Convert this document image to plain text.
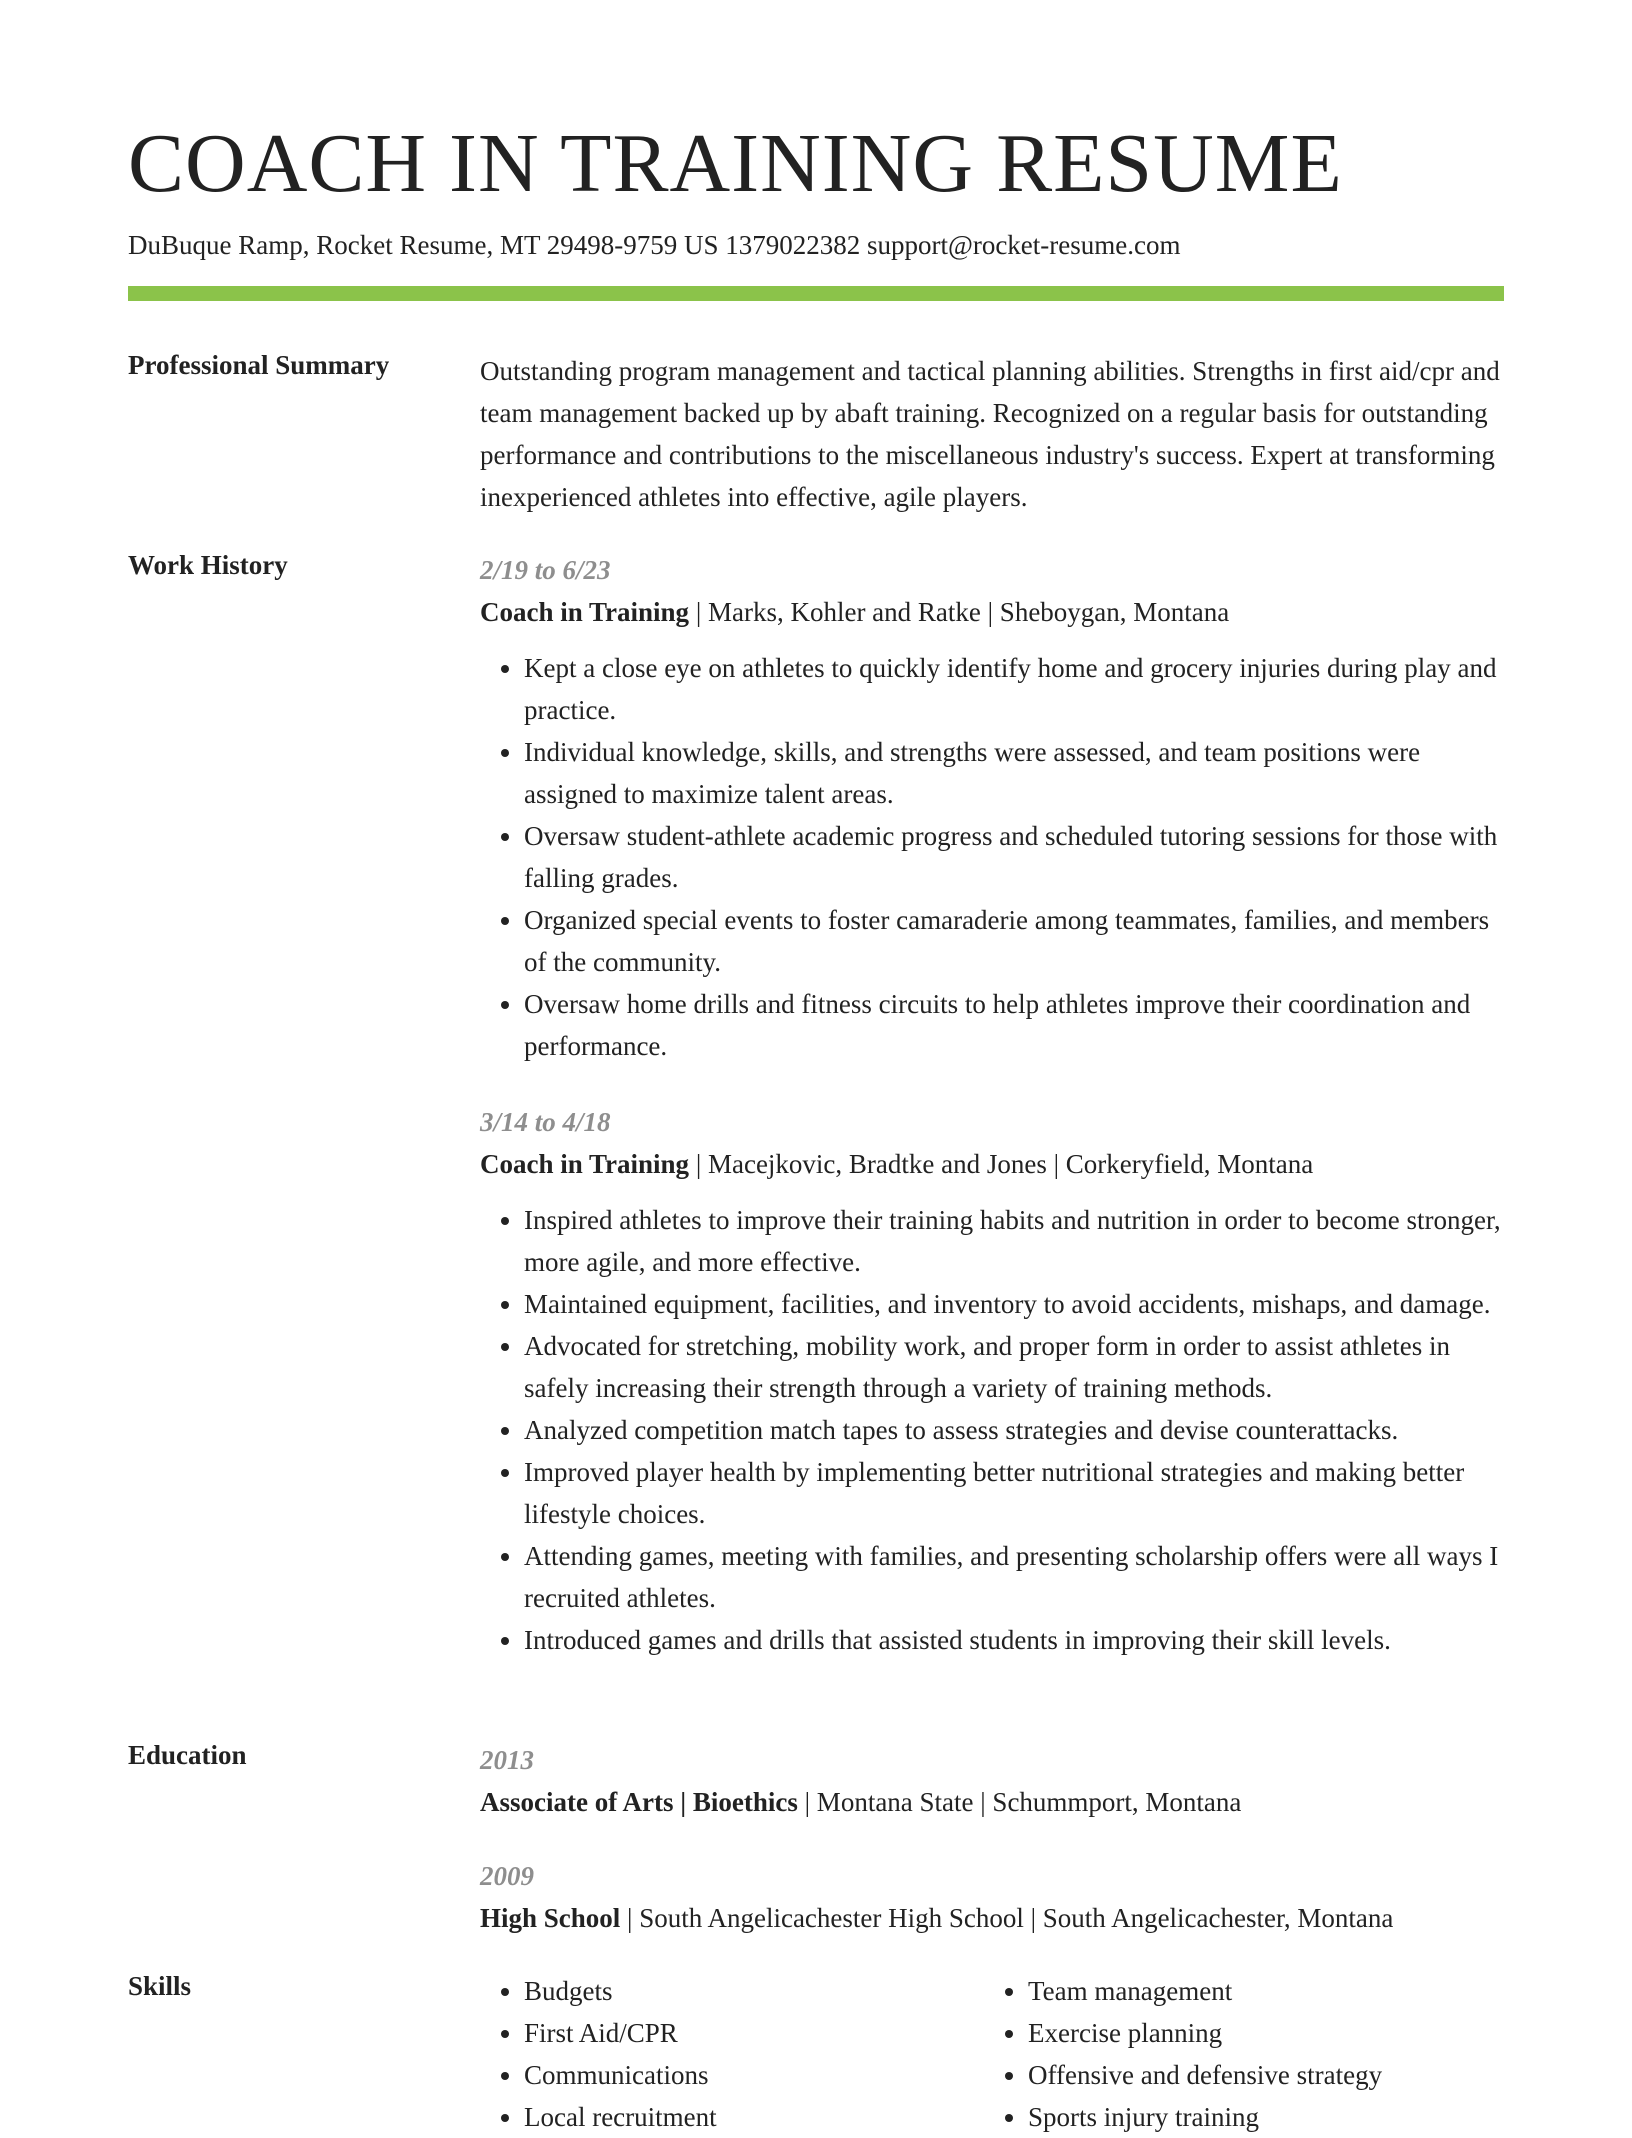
COACH IN TRAINING RESUME
DuBuque Ramp, Rocket Resume, MT 29498-9759 US 1379022382 support@rocket-resume.com
Professional Summary	Outstanding program management and tactical planning abilities. Strengths in first aid/cpr and team management backed up by abaft training. Recognized on a regular basis for outstanding performance and contributions to the miscellaneous industry's success. Expert at transforming inexperienced athletes into effective, agile players.

Work History	2/19 to 6/23
Coach in Training | Marks, Kohler and Ratke | Sheboygan, Montana
• Kept a close eye on athletes to quickly identify home and grocery injuries during play and practice.
• Individual knowledge, skills, and strengths were assessed, and team positions were assigned to maximize talent areas.
• Oversaw student-athlete academic progress and scheduled tutoring sessions for those with falling grades.
• Organized special events to foster camaraderie among teammates, families, and members of the community.
• Oversaw home drills and fitness circuits to help athletes improve their coordination and performance.
3/14 to 4/18
Coach in Training | Macejkovic, Bradtke and Jones | Corkeryfield, Montana
• Inspired athletes to improve their training habits and nutrition in order to become stronger, more agile, and more effective.
• Maintained equipment, facilities, and inventory to avoid accidents, mishaps, and damage.
• Advocated for stretching, mobility work, and proper form in order to assist athletes in safely increasing their strength through a variety of training methods.
• Analyzed competition match tapes to assess strategies and devise counterattacks.
• Improved player health by implementing better nutritional strategies and making better lifestyle choices.
• Attending games, meeting with families, and presenting scholarship offers were all ways I recruited athletes.
• Introduced games and drills that assisted students in improving their skill levels.
Education	2013
Associate of Arts | Bioethics | Montana State | Schummport, Montana
2009
High School | South Angelicachester High School | South Angelicachester, Montana
Skills
•	Budgets
• First Aid/CPR
• Communications
• Local recruitment
• Team management
• Exercise planning
• Offensive and defensive strategy
• Sports injury training
